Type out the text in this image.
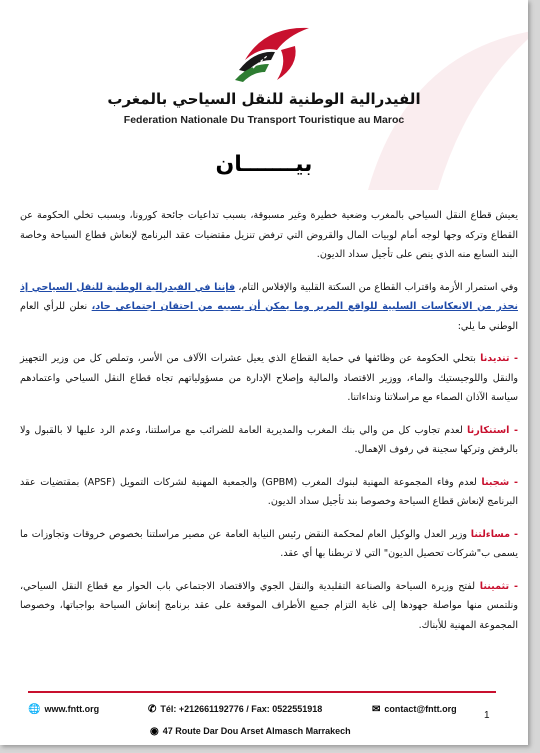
الفيدرالية الوطنية للنقل السياحي بالمغرب
Federation Nationale Du Transport Touristique au Maroc
بيـــــــان

يعيش قطاع النقل السياحي بالمغرب وضعية خطيرة وغير مسبوقة، بسبب تداعيات جائحة كورونا، وبسبب تخلي الحكومة عن القطاع وتركه وجها لوجه أمام لوبيات المال والقروض التي ترفض تنزيل مقتضيات عقد البرنامج لإنعاش قطاع السياحة وخاصة البند السابع منه الذي ينص على تأجيل سداد الديون.

وفي استمرار الأزمة واقتراب القطاع من السكتة القلبية والإفلاس التام، فإننا في الفيدرالية الوطنية للنقل السياحي إذ نحذر من الانعكاسات السلبية للواقع المرير وما يمكن أن يسببه من احتقان اجتماعي حاد، نعلن للرأي العام الوطني ما يلي:

- تنديدنا بتخلي الحكومة عن وظائفها في حماية القطاع الذي يعيل عشرات الآلاف من الأسر، وتملص كل من وزير التجهيز والنقل واللوجيستيك والماء، ووزير الاقتصاد والمالية وإصلاح الإدارة من مسؤولياتهم تجاه قطاع النقل السياحي واعتمادهم سياسة الآذان الصماء مع مراسلاتنا ونداءاتنا.

- استنكارنا لعدم تجاوب كل من والي بنك المغرب والمديرية العامة للضرائب مع مراسلتنا، وعدم الرد عليها لا بالقبول ولا بالرفض وتركها سجينة في رفوف الإهمال.

- شجبنا لعدم وفاء المجموعة المهنية لبنوك المغرب (GPBM) والجمعية المهنية لشركات التمويل (APSF) بمقتضيات عقد البرنامج لإنعاش قطاع السياحة وخصوصا بند تأجيل سداد الديون.

- مساءلتنا وزير العدل والوكيل العام لمحكمة النقض رئيس النيابة العامة عن مصير مراسلتنا بخصوص خروقات وتجاوزات ما يسمى ب"شركات تحصيل الديون" التي لا تربطنا بها أي عقد.

- تثميننا لفتح وزيرة السياحة والصناعة التقليدية والنقل الجوي والاقتصاد الاجتماعي باب الحوار مع قطاع النقل السياحي، ونلتمس منها مواصلة جهودها إلى غاية التزام جميع الأطراف الموقعة على عقد برنامج إنعاش السياحة بواجباتها، وخصوصا المجموعة المهنية للأبناك.

🌐 www.fntt.org	✆ Tél: +212661192776 / Fax: 0522551918	✉ contact@fntt.org
◉ 47 Route Dar Dou Arset Almasch Marrakech
1
